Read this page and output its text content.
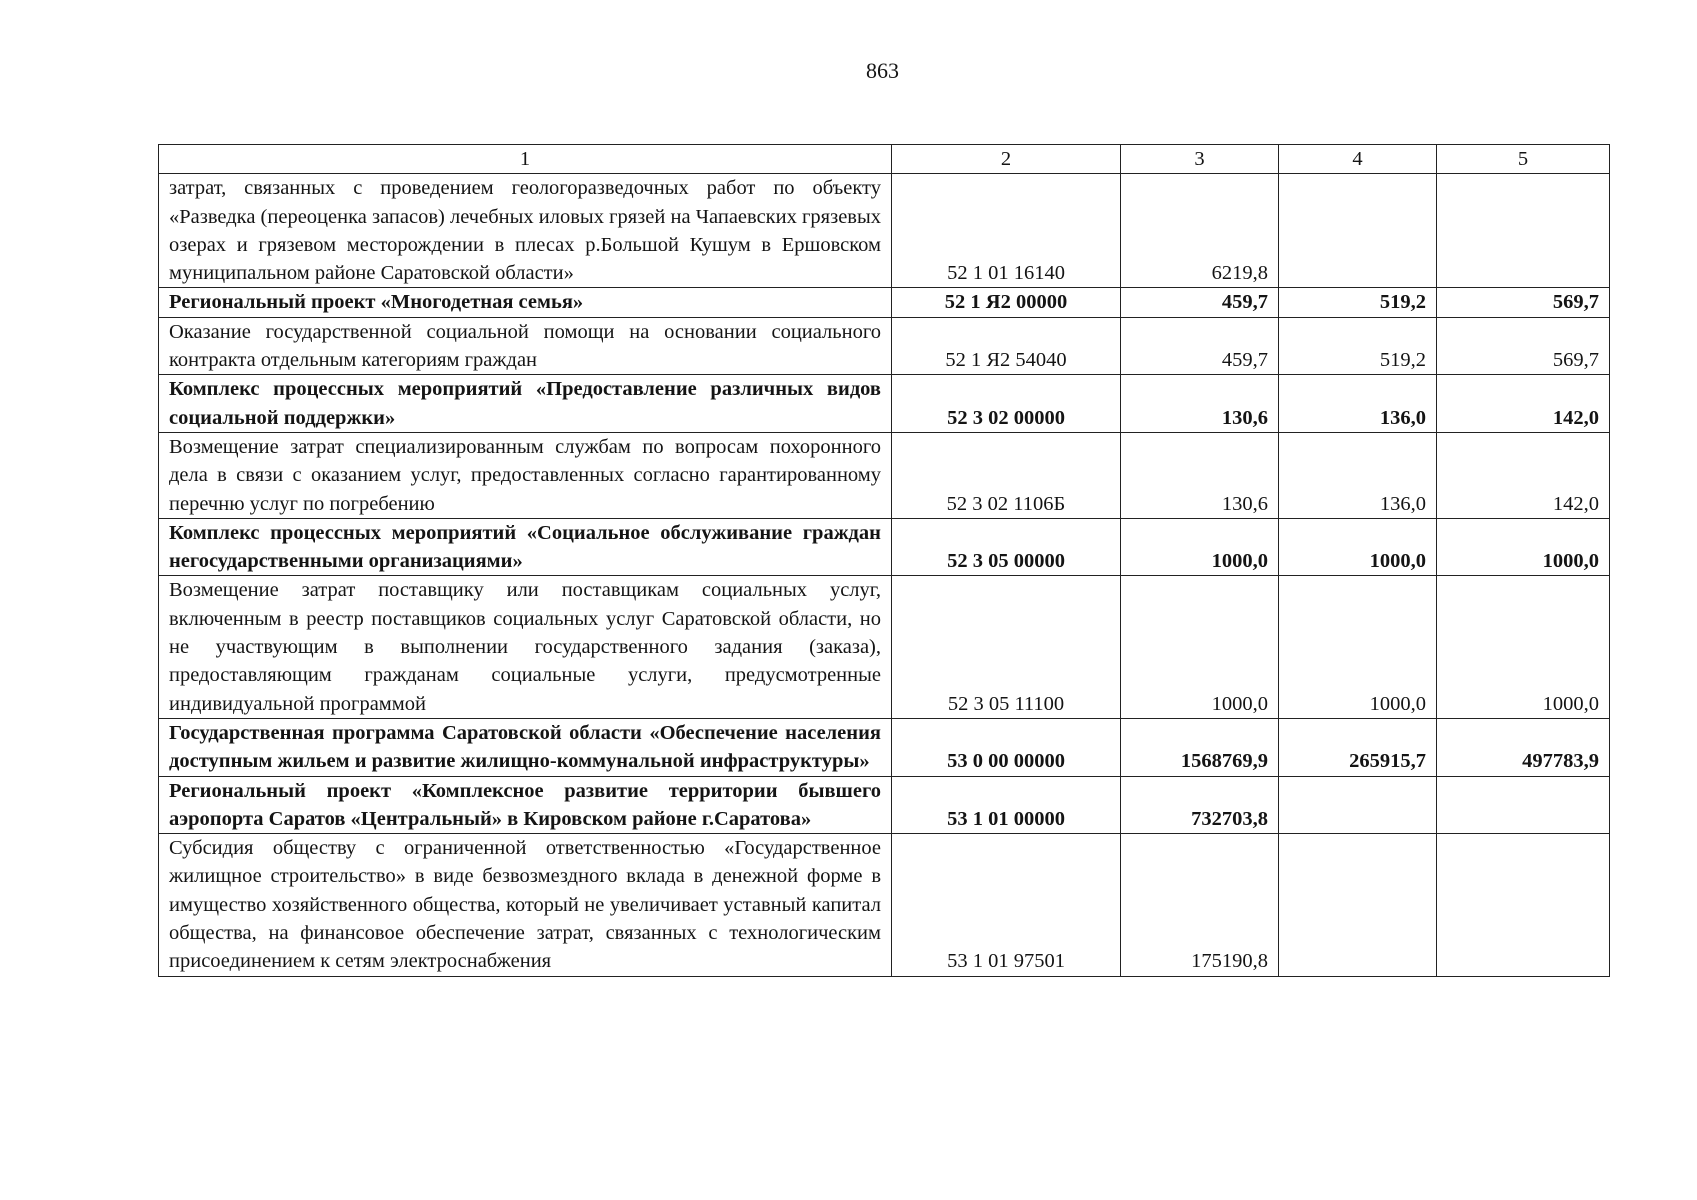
863
1	2	3	4	5
затрат, связанных с проведением геологоразведочных работ по объекту «Разведка (переоценка запасов) лечебных иловых грязей на Чапаевских грязевых озерах и грязевом месторождении в плесах р.Большой Кушум в Ершовском муниципальном районе Саратовской области»	52 1 01 16140	6219,8		
Региональный проект «Многодетная семья»	52 1 Я2 00000	459,7	519,2	569,7
Оказание государственной социальной помощи на основании социального контракта отдельным категориям граждан	52 1 Я2 54040	459,7	519,2	569,7
Комплекс процессных мероприятий «Предоставление различных видов социальной поддержки»	52 3 02 00000	130,6	136,0	142,0
Возмещение затрат специализированным службам по вопросам похоронного дела в связи с оказанием услуг, предоставленных согласно гарантированному перечню услуг по погребению	52 3 02 1106Б	130,6	136,0	142,0
Комплекс процессных мероприятий «Социальное обслуживание граждан негосударственными организациями»	52 3 05 00000	1000,0	1000,0	1000,0
Возмещение затрат поставщику или поставщикам социальных услуг, включенным в реестр поставщиков социальных услуг Саратовской области, но не участвующим в выполнении государственного задания (заказа), предоставляющим гражданам социальные услуги, предусмотренные индивидуальной программой	52 3 05 11100	1000,0	1000,0	1000,0
Государственная программа Саратовской области «Обеспечение населения доступным жильем и развитие жилищно-коммунальной инфраструктуры»	53 0 00 00000	1568769,9	265915,7	497783,9
Региональный проект «Комплексное развитие территории бывшего аэропорта Саратов «Центральный» в Кировском районе г.Саратова»	53 1 01 00000	732703,8		
Субсидия обществу с ограниченной ответственностью «Государственное жилищное строительство» в виде безвозмездного вклада в денежной форме в имущество хозяйственного общества, который не увеличивает уставный капитал общества, на финансовое обеспечение затрат, связанных с технологическим присоединением к сетям электроснабжения	53 1 01 97501	175190,8		
